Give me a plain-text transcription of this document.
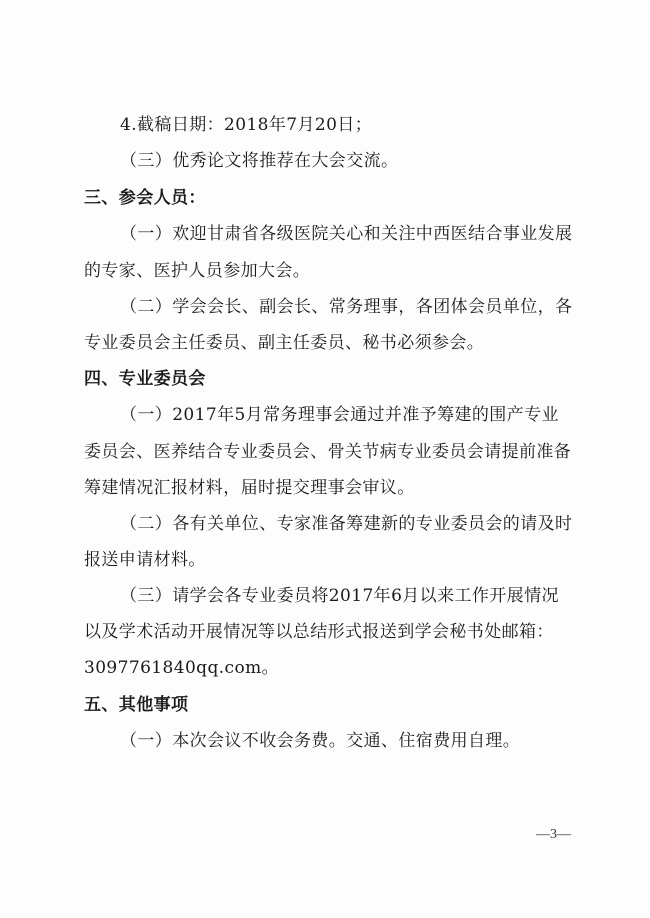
4.截稿日期：2018年7月20日；
（三）优秀论文将推荐在大会交流。
三、参会人员：
（一）欢迎甘肃省各级医院关心和关注中西医结合事业发展
的专家、医护人员参加大会。
（二）学会会长、副会长、常务理事，各团体会员单位，各
专业委员会主任委员、副主任委员、秘书必须参会。
四、专业委员会
（一）2017年5月常务理事会通过并准予筹建的围产专业
委员会、医养结合专业委员会、骨关节病专业委员会请提前准备
筹建情况汇报材料，届时提交理事会审议。
（二）各有关单位、专家准备筹建新的专业委员会的请及时
报送申请材料。
（三）请学会各专业委员将2017年6月以来工作开展情况
以及学术活动开展情况等以总结形式报送到学会秘书处邮箱：
3097761840qq.com。
五、其他事项
（一）本次会议不收会务费。交通、住宿费用自理。
—3—
